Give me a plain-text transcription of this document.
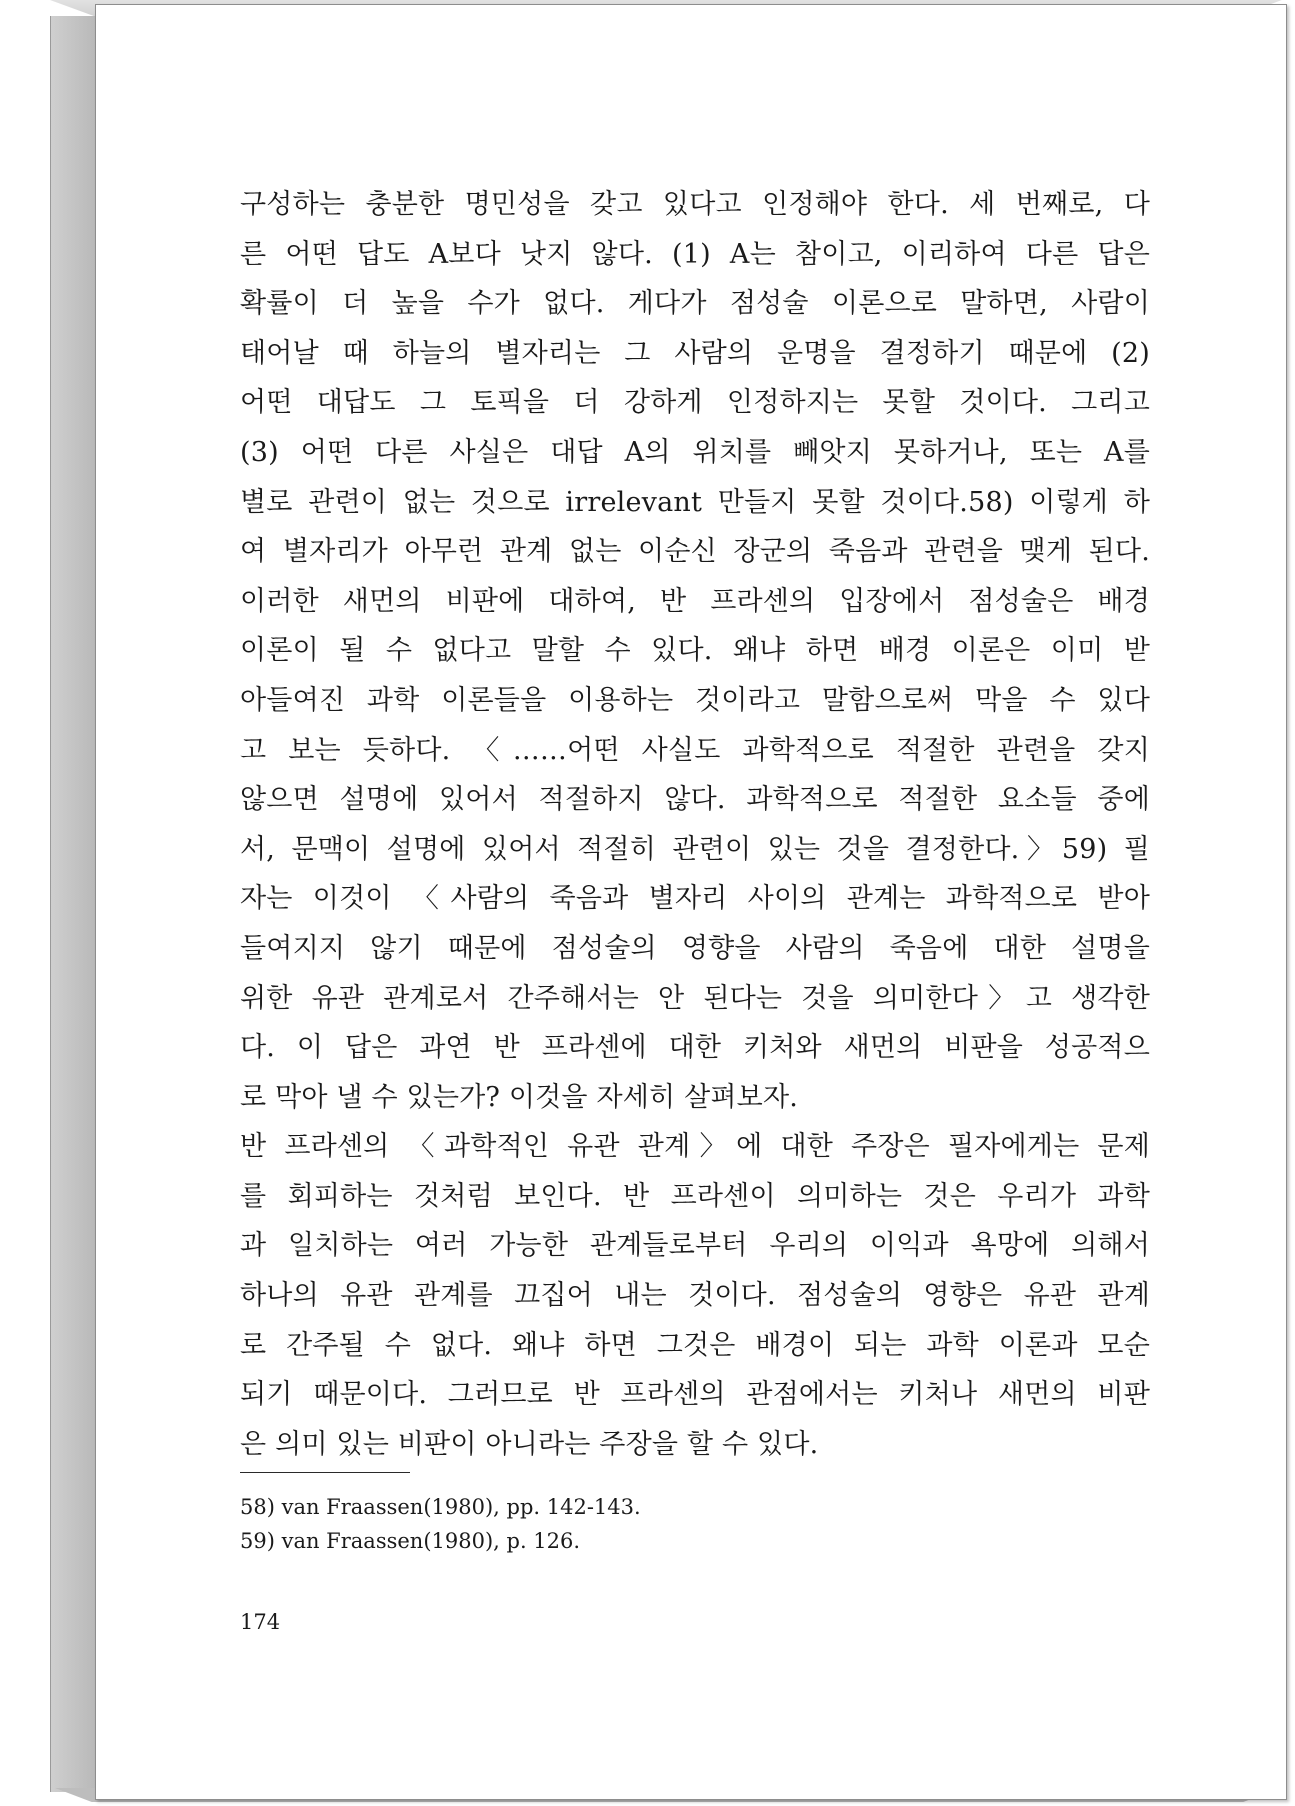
구성하는 충분한 명민성을 갖고 있다고 인정해야 한다. 세 번째로, 다
른 어떤 답도 A보다 낫지 않다. (1) A는 참이고, 이리하여 다른 답은
확률이 더 높을 수가 없다. 게다가 점성술 이론으로 말하면, 사람이
태어날 때 하늘의 별자리는 그 사람의 운명을 결정하기 때문에 (2)
어떤 대답도 그 토픽을 더 강하게 인정하지는 못할 것이다. 그리고
(3) 어떤 다른 사실은 대답 A의 위치를 빼앗지 못하거나, 또는 A를
별로 관련이 없는 것으로 irrelevant 만들지 못할 것이다.58) 이렇게 하
여 별자리가 아무런 관계 없는 이순신 장군의 죽음과 관련을 맺게 된다.
이러한 새먼의 비판에 대하여, 반 프라센의 입장에서 점성술은 배경
이론이 될 수 없다고 말할 수 있다. 왜냐 하면 배경 이론은 이미 받
아들여진 과학 이론들을 이용하는 것이라고 말함으로써 막을 수 있다
고 보는 듯하다. 〈……어떤 사실도 과학적으로 적절한 관련을 갖지
않으면 설명에 있어서 적절하지 않다. 과학적으로 적절한 요소들 중에
서, 문맥이 설명에 있어서 적절히 관련이 있는 것을 결정한다.〉59) 필
자는 이것이 〈사람의 죽음과 별자리 사이의 관계는 과학적으로 받아
들여지지 않기 때문에 점성술의 영향을 사람의 죽음에 대한 설명을
위한 유관 관계로서 간주해서는 안 된다는 것을 의미한다〉고 생각한
다. 이 답은 과연 반 프라센에 대한 키처와 새먼의 비판을 성공적으
로 막아 낼 수 있는가? 이것을 자세히 살펴보자.
반 프라센의 〈과학적인 유관 관계〉에 대한 주장은 필자에게는 문제
를 회피하는 것처럼 보인다. 반 프라센이 의미하는 것은 우리가 과학
과 일치하는 여러 가능한 관계들로부터 우리의 이익과 욕망에 의해서
하나의 유관 관계를 끄집어 내는 것이다. 점성술의 영향은 유관 관계
로 간주될 수 없다. 왜냐 하면 그것은 배경이 되는 과학 이론과 모순
되기 때문이다. 그러므로 반 프라센의 관점에서는 키처나 새먼의 비판
은 의미 있는 비판이 아니라는 주장을 할 수 있다.
58) van Fraassen(1980), pp. 142-143.
59) van Fraassen(1980), p. 126.
174
